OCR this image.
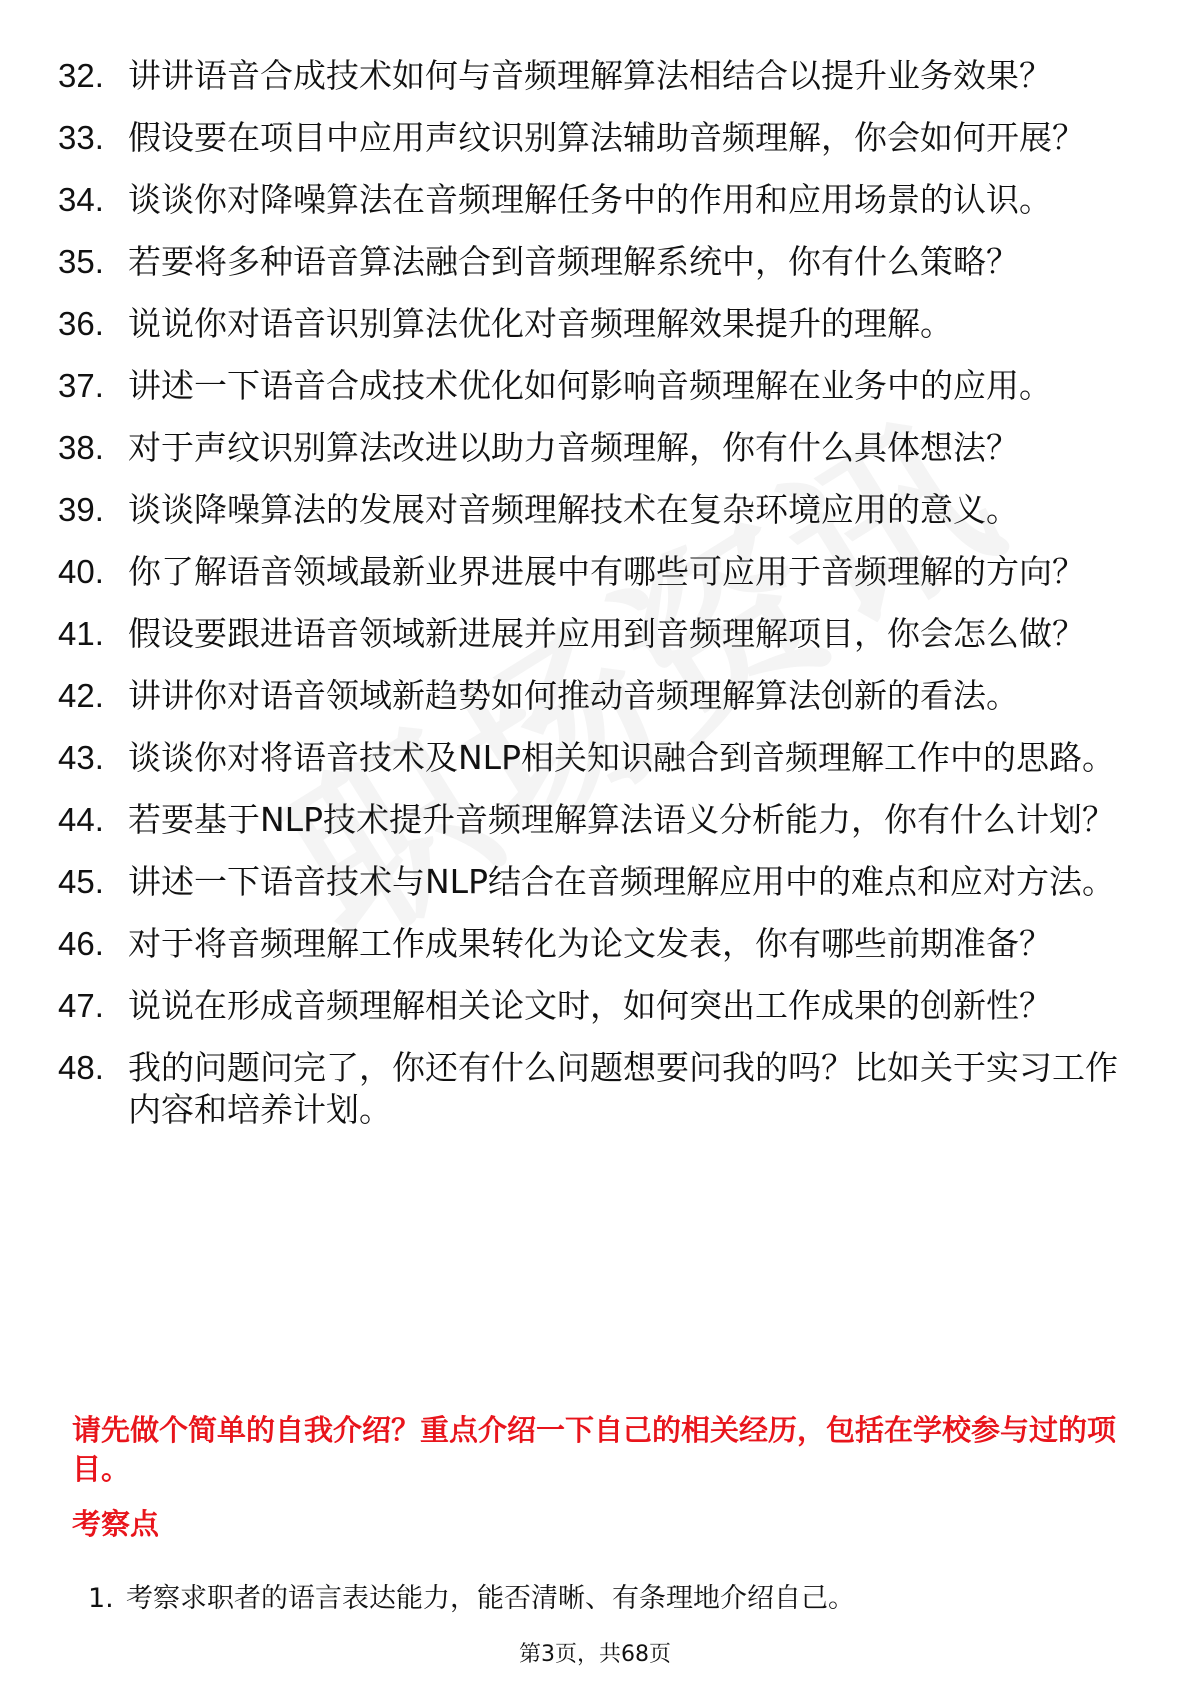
32. 讲讲语音合成技术如何与音频理解算法相结合以提升业务效果？
33. 假设要在项目中应用声纹识别算法辅助音频理解，你会如何开展？
34. 谈谈你对降噪算法在音频理解任务中的作用和应用场景的认识。
35. 若要将多种语音算法融合到音频理解系统中，你有什么策略？
36. 说说你对语音识别算法优化对音频理解效果提升的理解。
37. 讲述一下语音合成技术优化如何影响音频理解在业务中的应用。
38. 对于声纹识别算法改进以助力音频理解，你有什么具体想法？
39. 谈谈降噪算法的发展对音频理解技术在复杂环境应用的意义。
40. 你了解语音领域最新业界进展中有哪些可应用于音频理解的方向？
41. 假设要跟进语音领域新进展并应用到音频理解项目，你会怎么做？
42. 讲讲你对语音领域新趋势如何推动音频理解算法创新的看法。
43. 谈谈你对将语音技术及NLP相关知识融合到音频理解工作中的思路。
44. 若要基于NLP技术提升音频理解算法语义分析能力，你有什么计划？
45. 讲述一下语音技术与NLP结合在音频理解应用中的难点和应对方法。
46. 对于将音频理解工作成果转化为论文发表，你有哪些前期准备？
47. 说说在形成音频理解相关论文时，如何突出工作成果的创新性？
48. 我的问题问完了，你还有什么问题想要问我的吗？比如关于实习工作内容和培养计划。

请先做个简单的自我介绍？重点介绍一下自己的相关经历，包括在学校参与过的项目。

考察点
1. 考察求职者的语言表达能力，能否清晰、有条理地介绍自己。
第3页，共68页
